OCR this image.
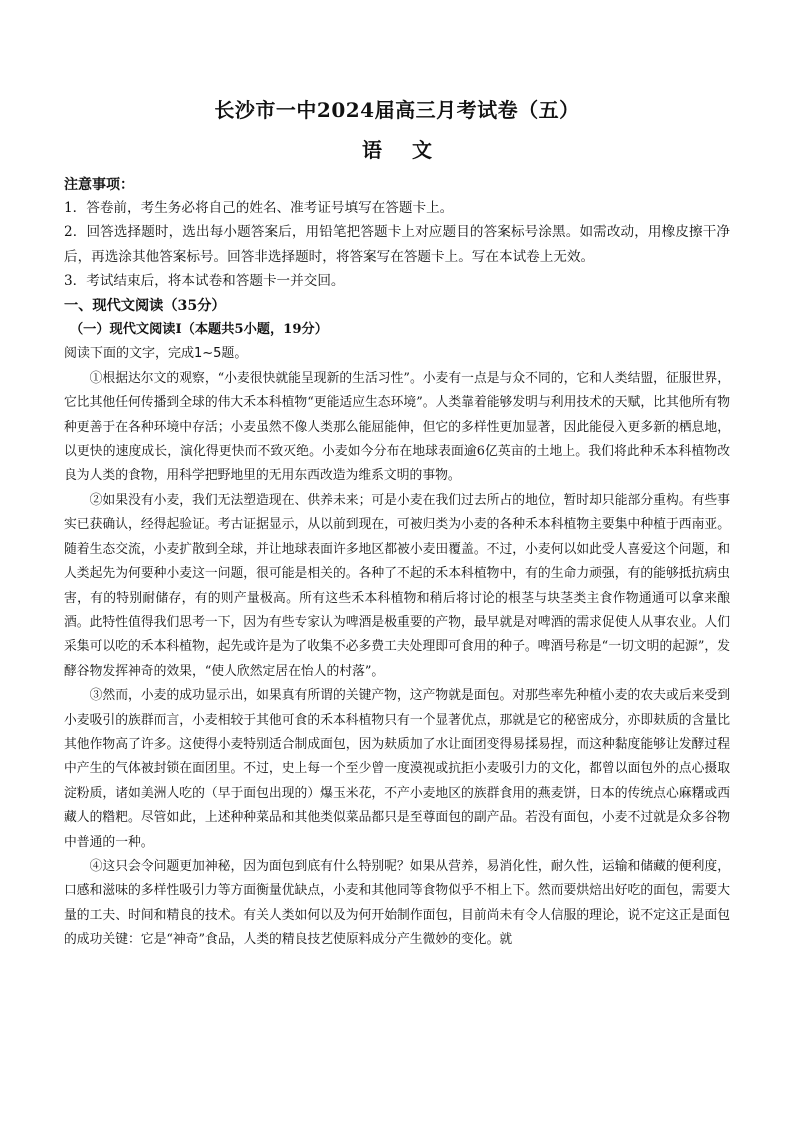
长沙市一中2024届高三月考试卷（五）
语文
注意事项：

1．答卷前，考生务必将自己的姓名、准考证号填写在答题卡上。

2．回答选择题时，选出每小题答案后，用铅笔把答题卡上对应题目的答案标号涂黑。如需改动，用橡皮擦干净后，再选涂其他答案标号。回答非选择题时，将答案写在答题卡上。写在本试卷上无效。

3．考试结束后，将本试卷和答题卡一并交回。

一、现代文阅读（35分）

（一）现代文阅读Ⅰ（本题共5小题，19分）

阅读下面的文字，完成1~5题。

①根据达尔文的观察，“小麦很快就能呈现新的生活习性”。小麦有一点是与众不同的，它和人类结盟，征服世界，它比其他任何传播到全球的伟大禾本科植物“更能适应生态环境”。人类靠着能够发明与利用技术的天赋，比其他所有物种更善于在各种环境中存活；小麦虽然不像人类那么能屈能伸，但它的多样性更加显著，因此能侵入更多新的栖息地，以更快的速度成长，演化得更快而不致灭绝。小麦如今分布在地球表面逾6亿英亩的土地上。我们将此种禾本科植物改良为人类的食物，用科学把野地里的无用东西改造为维系文明的事物。

②如果没有小麦，我们无法塑造现在、供养未来；可是小麦在我们过去所占的地位，暂时却只能部分重构。有些事实已获确认，经得起验证。考古证据显示，从以前到现在，可被归类为小麦的各种禾本科植物主要集中种植于西南亚。随着生态交流，小麦扩散到全球，并让地球表面许多地区都被小麦田覆盖。不过，小麦何以如此受人喜爱这个问题，和人类起先为何要种小麦这一问题，很可能是相关的。各种了不起的禾本科植物中，有的生命力顽强，有的能够抵抗病虫害，有的特别耐储存，有的则产量极高。所有这些禾本科植物和稍后将讨论的根茎与块茎类主食作物通通可以拿来酿酒。此特性值得我们思考一下，因为有些专家认为啤酒是极重要的产物，最早就是对啤酒的需求促使人从事农业。人们采集可以吃的禾本科植物，起先或许是为了收集不必多费工夫处理即可食用的种子。啤酒号称是“一切文明的起源”，发酵谷物发挥神奇的效果，“使人欣然定居在怡人的村落”。

③然而，小麦的成功显示出，如果真有所谓的关键产物，这产物就是面包。对那些率先种植小麦的农夫或后来受到小麦吸引的族群而言，小麦相较于其他可食的禾本科植物只有一个显著优点，那就是它的秘密成分，亦即麸质的含量比其他作物高了许多。这使得小麦特别适合制成面包，因为麸质加了水让面团变得易揉易捏，而这种黏度能够让发酵过程中产生的气体被封锁在面团里。不过，史上每一个至少曾一度漠视或抗拒小麦吸引力的文化，都曾以面包外的点心摄取淀粉质，诸如美洲人吃的（早于面包出现的）爆玉米花，不产小麦地区的族群食用的燕麦饼，日本的传统点心麻糬或西藏人的糌粑。尽管如此，上述种种菜品和其他类似菜品都只是至尊面包的副产品。若没有面包，小麦不过就是众多谷物中普通的一种。

④这只会令问题更加神秘，因为面包到底有什么特别呢？如果从营养，易消化性，耐久性，运输和储藏的便利度，口感和滋味的多样性吸引力等方面衡量优缺点，小麦和其他同等食物似乎不相上下。然而要烘焙出好吃的面包，需要大量的工夫、时间和精良的技术。有关人类如何以及为何开始制作面包，目前尚未有令人信服的理论，说不定这正是面包的成功关键：它是“神奇”食品，人类的精良技艺使原料成分产生微妙的变化。就
